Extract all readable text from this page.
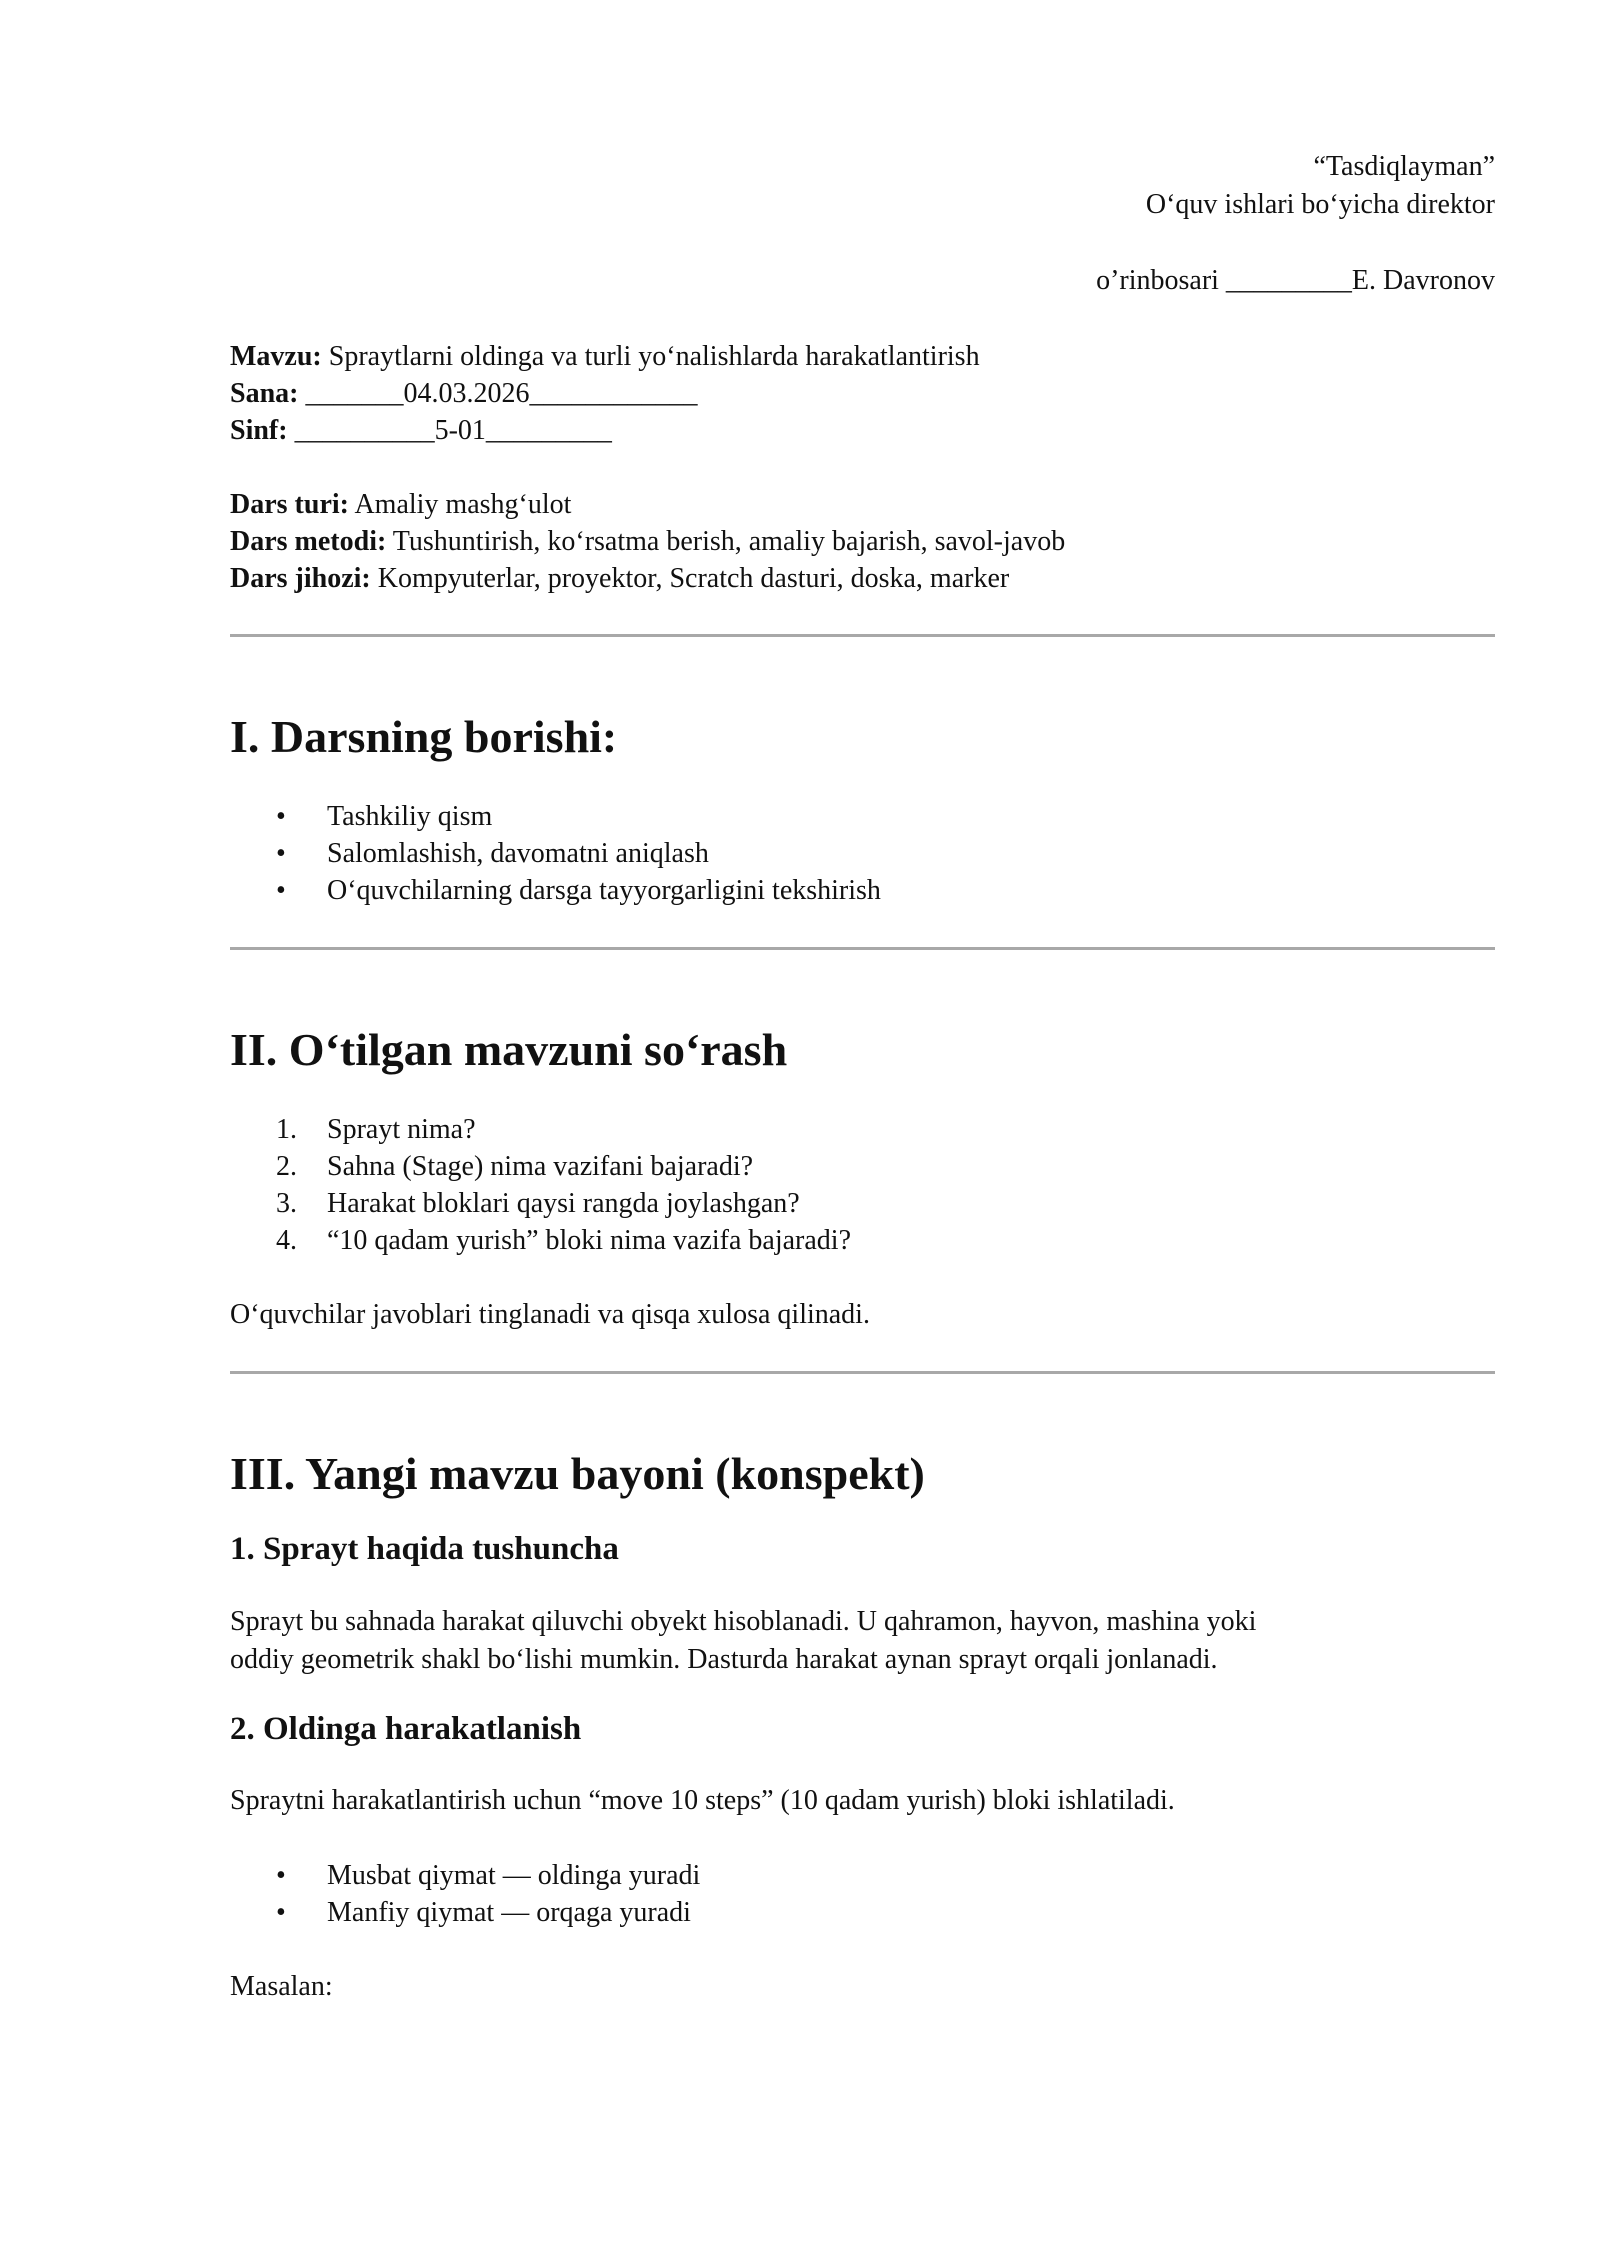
“Tasdiqlayman”
O‘quv ishlari bo‘yicha direktor
o’rinbosari _________E. Davronov
Mavzu: Spraytlarni oldinga va turli yo‘nalishlarda harakatlantirish
Sana: _______04.03.2026____________
Sinf: __________5-01_________
Dars turi: Amaliy mashg‘ulot
Dars metodi: Tushuntirish, ko‘rsatma berish, amaliy bajarish, savol-javob
Dars jihozi: Kompyuterlar, proyektor, Scratch dasturi, doska, marker
I. Darsning borishi:
• Tashkiliy qism
• Salomlashish, davomatni aniqlash
• O‘quvchilarning darsga tayyorgarligini tekshirish
II. O‘tilgan mavzuni so‘rash
1. Sprayt nima?
2. Sahna (Stage) nima vazifani bajaradi?
3. Harakat bloklari qaysi rangda joylashgan?
4. “10 qadam yurish” bloki nima vazifa bajaradi?

O‘quvchilar javoblari tinglanadi va qisqa xulosa qilinadi.

III. Yangi mavzu bayoni (konspekt)
1. Sprayt haqida tushuncha

Sprayt bu sahnada harakat qiluvchi obyekt hisoblanadi. U qahramon, hayvon, mashina yoki
oddiy geometrik shakl bo‘lishi mumkin. Dasturda harakat aynan sprayt orqali jonlanadi.

2. Oldinga harakatlanish

Spraytni harakatlantirish uchun “move 10 steps” (10 qadam yurish) bloki ishlatiladi.

• Musbat qiymat — oldinga yuradi
• Manfiy qiymat — orqaga yuradi

Masalan:
